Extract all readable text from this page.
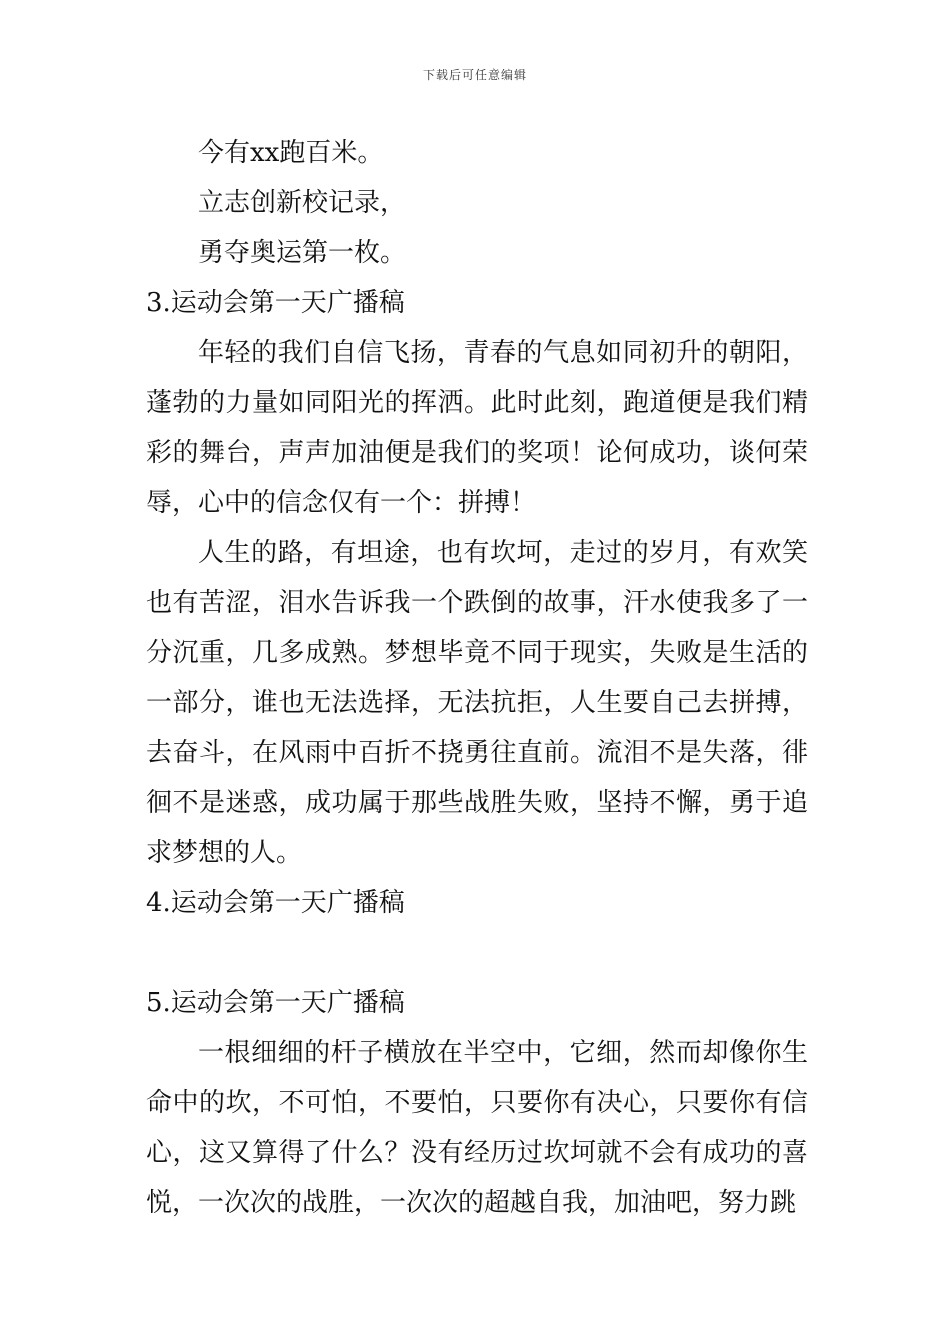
下载后可任意编辑

今有xx跑百米。

立志创新校记录，

勇夺奥运第一枚。

3.运动会第一天广播稿

年轻的我们自信飞扬，青春的气息如同初升的朝阳，蓬勃的力量如同阳光的挥洒。此时此刻，跑道便是我们精彩的舞台，声声加油便是我们的奖项！论何成功，谈何荣辱，心中的信念仅有一个：拼搏！

人生的路，有坦途，也有坎坷，走过的岁月，有欢笑也有苦涩，泪水告诉我一个跌倒的故事，汗水使我多了一分沉重，几多成熟。梦想毕竟不同于现实，失败是生活的一部分，谁也无法选择，无法抗拒，人生要自己去拼搏，去奋斗，在风雨中百折不挠勇往直前。流泪不是失落，徘徊不是迷惑，成功属于那些战胜失败，坚持不懈，勇于追求梦想的人。

4.运动会第一天广播稿

5.运动会第一天广播稿

一根细细的杆子横放在半空中，它细，然而却像你生命中的坎，不可怕，不要怕，只要你有决心，只要你有信心，这又算得了什么？没有经历过坎坷就不会有成功的喜悦，一次次的战胜，一次次的超越自我，加油吧，努力跳
